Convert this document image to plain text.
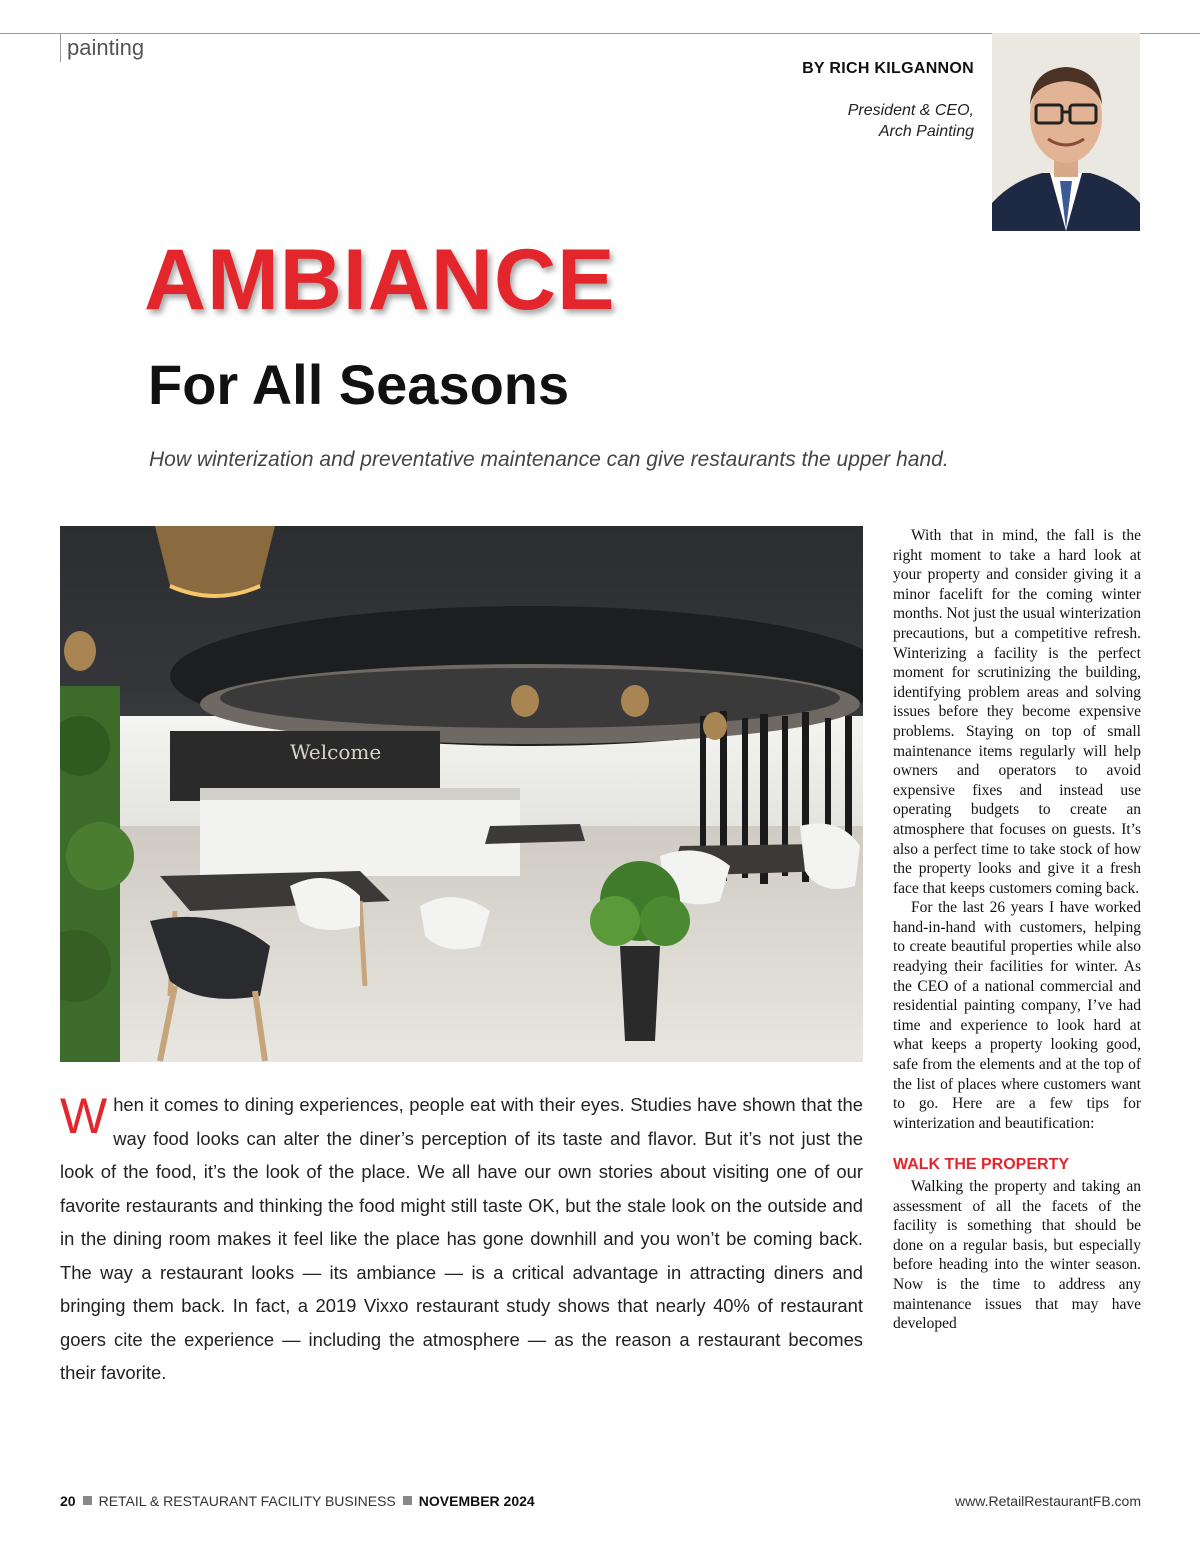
painting
BY RICH KILGANNON
President & CEO,
Arch Painting
AMBIANCE
For All Seasons
How winterization and preventative maintenance can give restaurants the upper hand.
Welcome
W hen it comes to dining experiences, people eat with their eyes. Studies have shown that the way food looks can alter the diner’s perception of its taste and flavor. But it’s not just the look of the food, it’s the look of the place. We all have our own stories about visiting one of our favorite restaurants and thinking the food might still taste OK, but the stale look on the outside and in the dining room makes it feel like the place has gone downhill and you won’t be coming back. The way a restaurant looks — its ambiance — is a critical advantage in attracting diners and bringing them back. In fact, a 2019 Vixxo restaurant study shows that nearly 40% of restaurant goers cite the experience — including the atmosphere — as the reason a restaurant becomes their favorite.

With that in mind, the fall is the right moment to take a hard look at your property and consider giving it a minor facelift for the coming winter months. Not just the usual winterization precautions, but a competitive refresh. Winterizing a facility is the perfect moment for scrutinizing the building, identifying problem areas and solving issues before they become expensive problems. Staying on top of small maintenance items regularly will help owners and operators to avoid expensive fixes and instead use operating budgets to create an atmosphere that focuses on guests. It’s also a perfect time to take stock of how the property looks and give it a fresh face that keeps customers coming back.

For the last 26 years I have worked hand-in-hand with customers, helping to create beautiful properties while also readying their facilities for winter. As the CEO of a national commercial and residential painting company, I’ve had time and experience to look hard at what keeps a property looking good, safe from the elements and at the top of the list of places where customers want to go. Here are a few tips for winterization and beautification:

WALK THE PROPERTY

Walking the property and taking an assessment of all the facets of the facility is something that should be done on a regular basis, but especially before heading into the winter season. Now is the time to address any maintenance issues that may have developed

20 RETAIL & RESTAURANT FACILITY BUSINESS NOVEMBER 2024	www.RetailRestaurantFB.com
